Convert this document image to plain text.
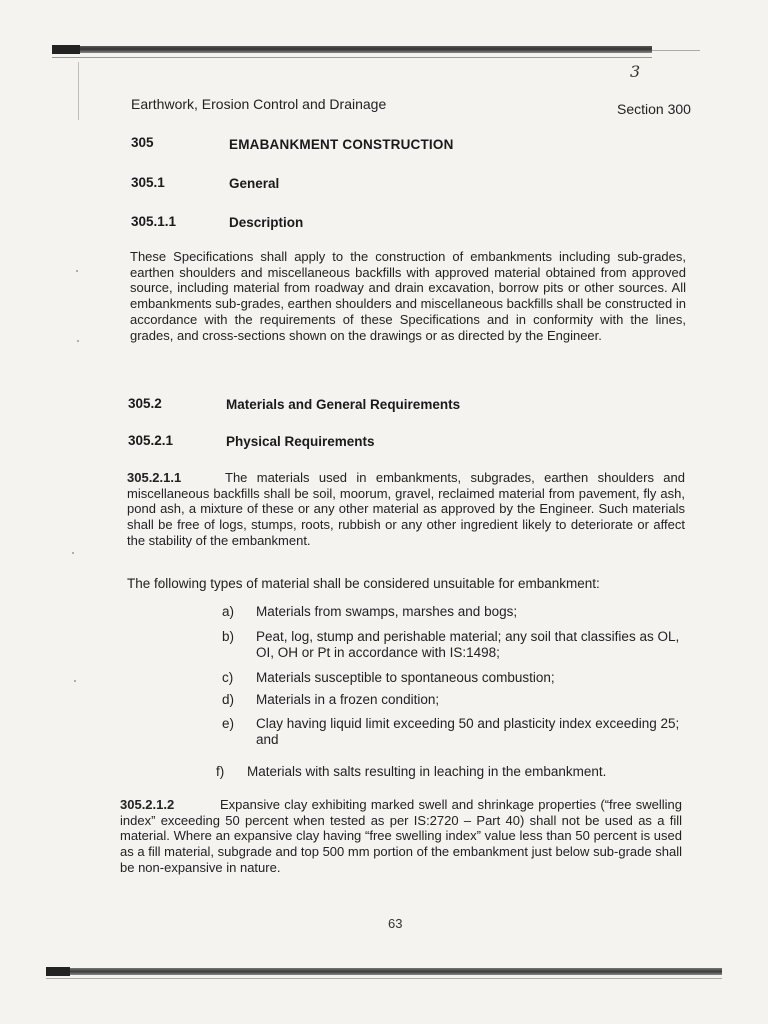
3
Earthwork, Erosion Control and Drainage	Section 300
305	EMABANKMENT CONSTRUCTION
305.1	General
305.1.1	Description
These Specifications shall apply to the construction of embankments including sub-grades, earthen shoulders and miscellaneous backfills with approved material obtained from approved source, including material from roadway and drain excavation, borrow pits or other sources. All embankments sub-grades, earthen shoulders and miscellaneous backfills shall be constructed in accordance with the requirements of these Specifications and in conformity with the lines, grades, and cross-sections shown on the drawings or as directed by the Engineer.
305.2	Materials and General Requirements
305.2.1	Physical Requirements
305.2.1.1	The materials used in embankments, subgrades, earthen shoulders and miscellaneous backfills shall be soil, moorum, gravel, reclaimed material from pavement, fly ash, pond ash, a mixture of these or any other material as approved by the Engineer. Such materials shall be free of logs, stumps, roots, rubbish or any other ingredient likely to deteriorate or affect the stability of the embankment.
The following types of material shall be considered unsuitable for embankment:
a) Materials from swamps, marshes and bogs;
b) Peat, log, stump and perishable material; any soil that classifies as OL, OI, OH or Pt in accordance with IS:1498;
c) Materials susceptible to spontaneous combustion;
d) Materials in a frozen condition;
e) Clay having liquid limit exceeding 50 and plasticity index exceeding 25; and
f) Materials with salts resulting in leaching in the embankment.
305.2.1.2	Expansive clay exhibiting marked swell and shrinkage properties (“free swelling index” exceeding 50 percent when tested as per IS:2720 – Part 40) shall not be used as a fill material. Where an expansive clay having “free swelling index” value less than 50 percent is used as a fill material, subgrade and top 500 mm portion of the embankment just below sub-grade shall be non-expansive in nature.
63
